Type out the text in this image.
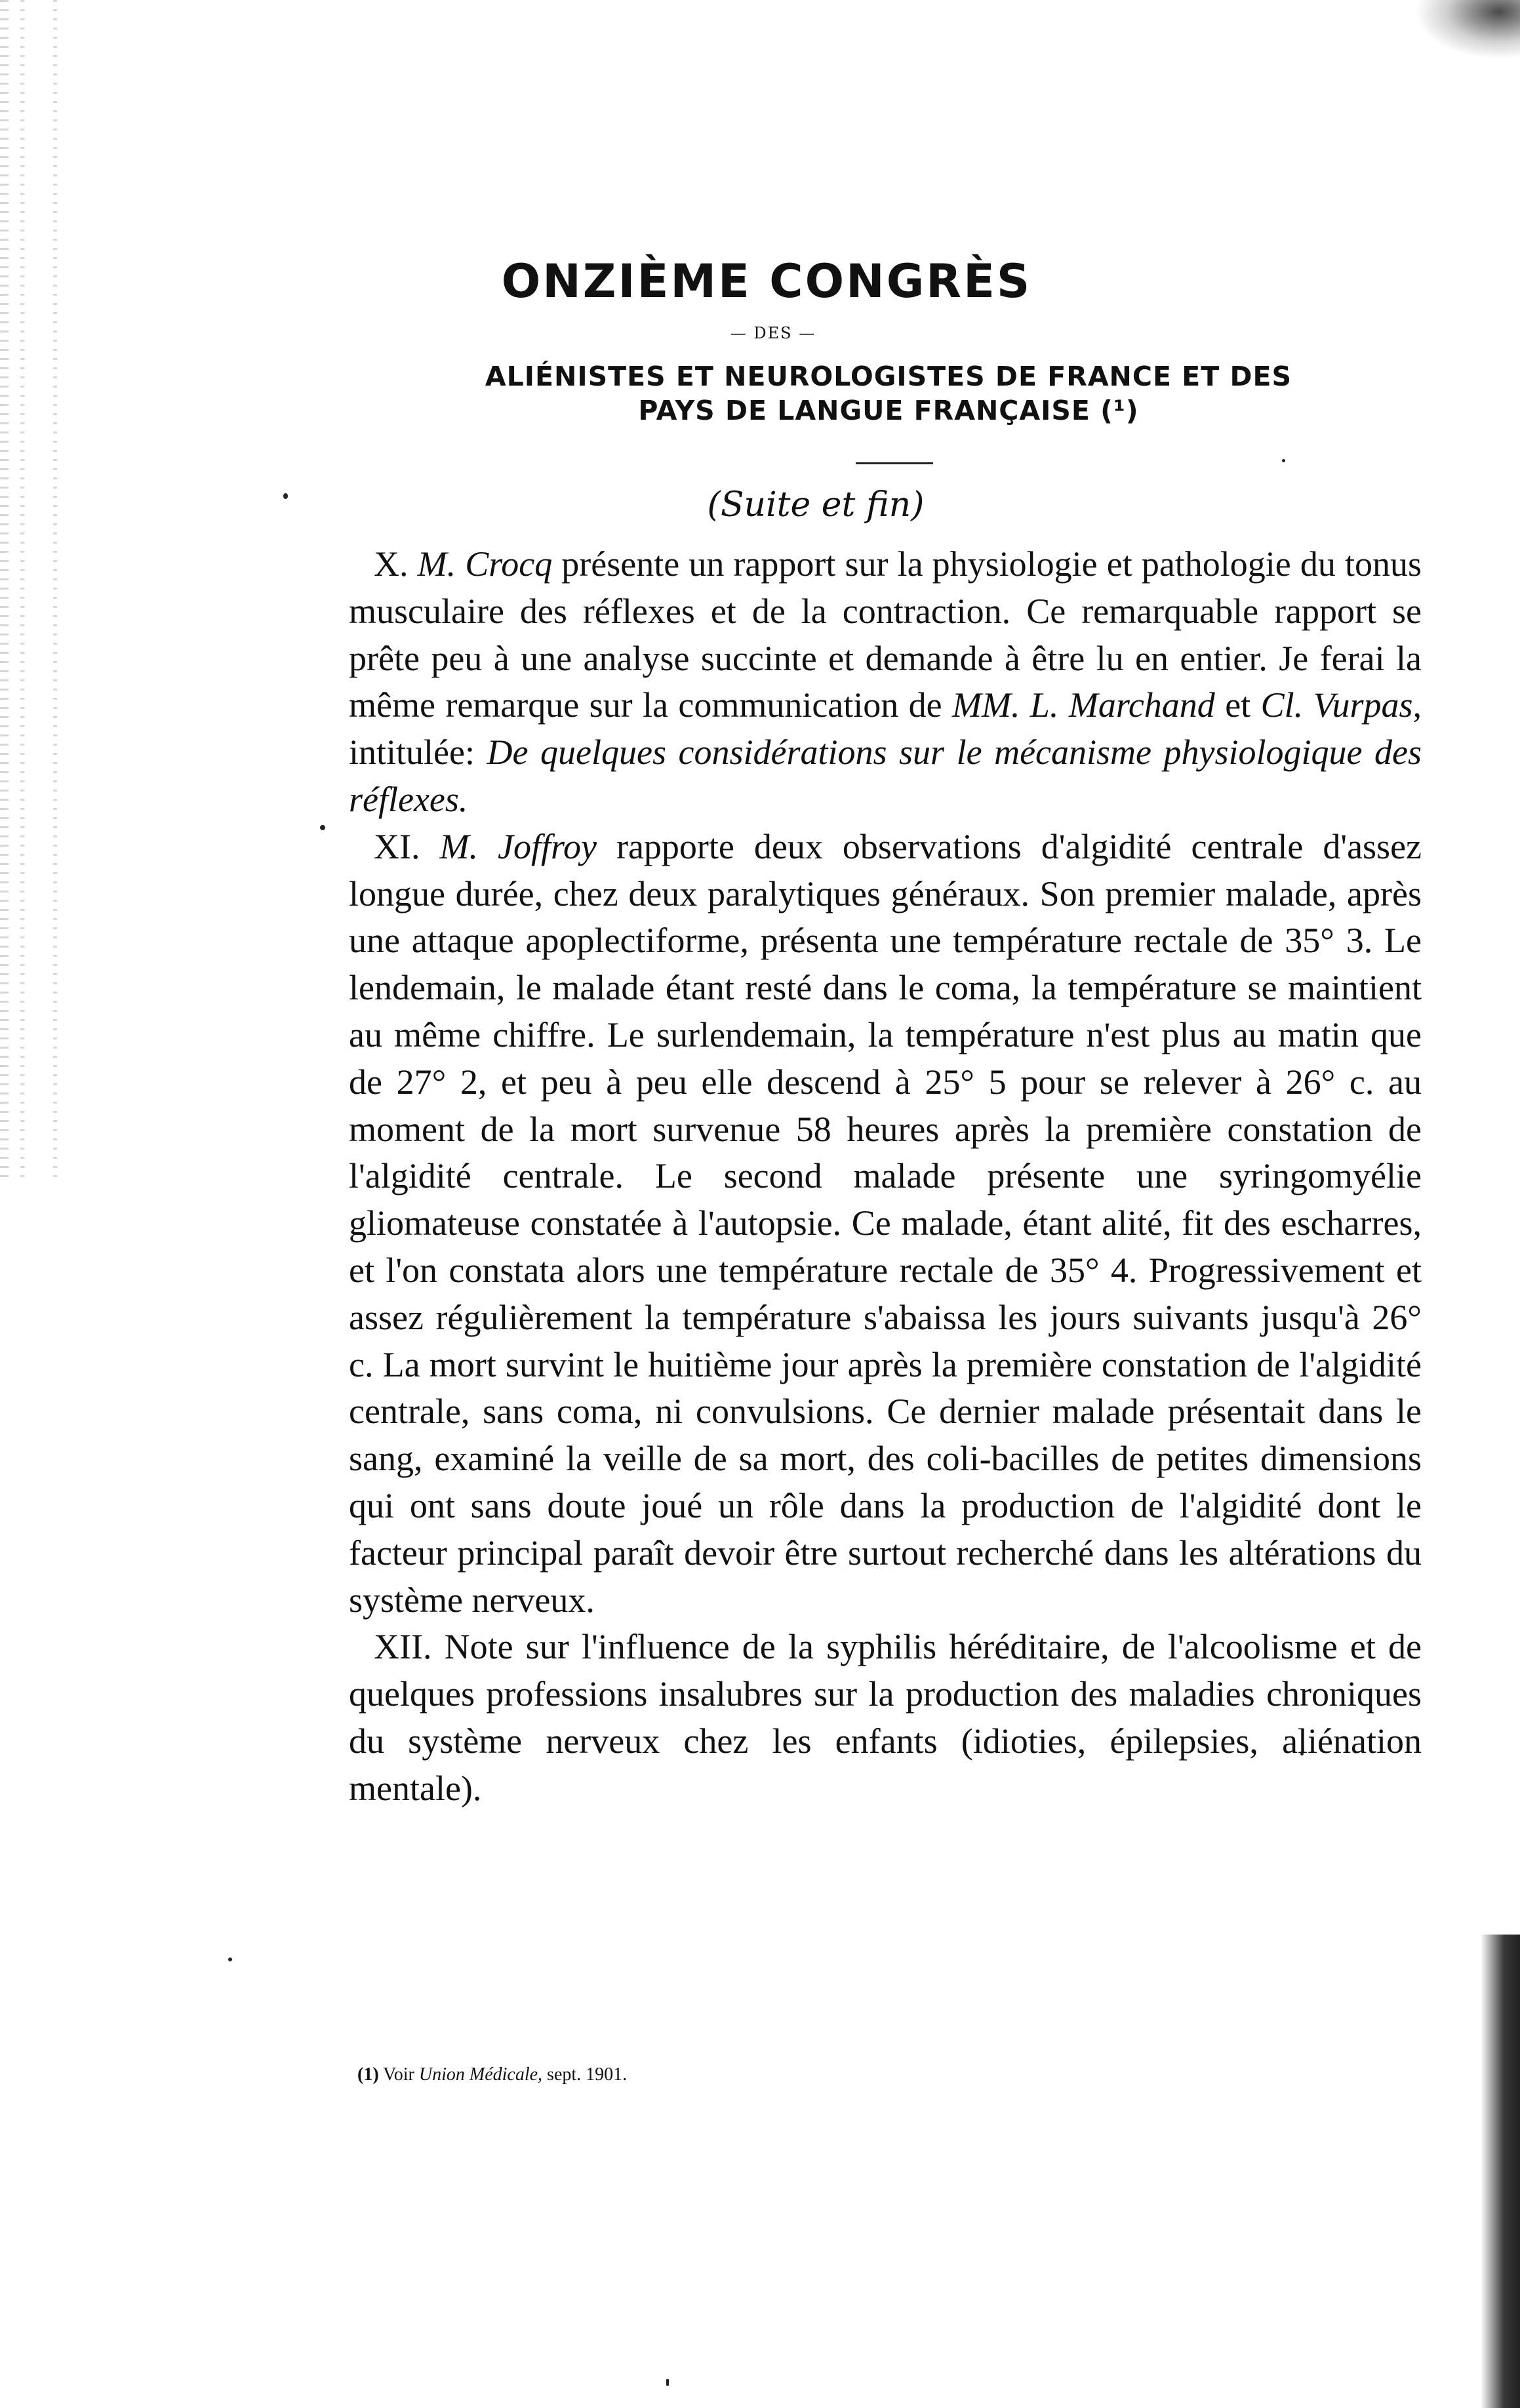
ONZIÈME CONGRÈS
— DES —
ALIÉNISTES ET NEUROLOGISTES DE FRANCE ET DES
PAYS DE LANGUE FRANÇAISE (¹)
(Suite et fin)

X. M. Crocq présente un rapport sur la physiologie et pathologie du tonus musculaire des réflexes et de la contraction. Ce remarquable rapport se prête peu à une analyse succinte et demande à être lu en entier. Je ferai la même remarque sur la communication de MM. L. Marchand et Cl. Vurpas, intitulée: De quelques considérations sur le mécanisme physiologique des réflexes.

XI. M. Joffroy rapporte deux observations d'algidité centrale d'assez longue durée, chez deux paralytiques généraux. Son premier malade, après une attaque apoplectiforme, présenta une température rectale de 35° 3. Le lendemain, le malade étant resté dans le coma, la température se maintient au même chiffre. Le surlendemain, la température n'est plus au matin que de 27° 2, et peu à peu elle descend à 25° 5 pour se relever à 26° c. au moment de la mort survenue 58 heures après la première constation de l'algidité centrale. Le second malade présente une syringomyélie gliomateuse constatée à l'autopsie. Ce malade, étant alité, fit des escharres, et l'on constata alors une température rectale de 35° 4. Progressivement et assez régulièrement la température s'abaissa les jours suivants jusqu'à 26° c. La mort survint le huitième jour après la première constation de l'algidité centrale, sans coma, ni convulsions. Ce dernier malade présentait dans le sang, examiné la veille de sa mort, des coli-bacilles de petites dimensions qui ont sans doute joué un rôle dans la production de l'algidité dont le facteur principal paraît devoir être surtout recherché dans les altérations du système nerveux.

XII. Note sur l'influence de la syphilis héréditaire, de l'alcoolisme et de quelques professions insalubres sur la production des maladies chroniques du système nerveux chez les enfants (idioties, épilepsies, aliénation mentale).

(1) Voir Union Médicale, sept. 1901.
